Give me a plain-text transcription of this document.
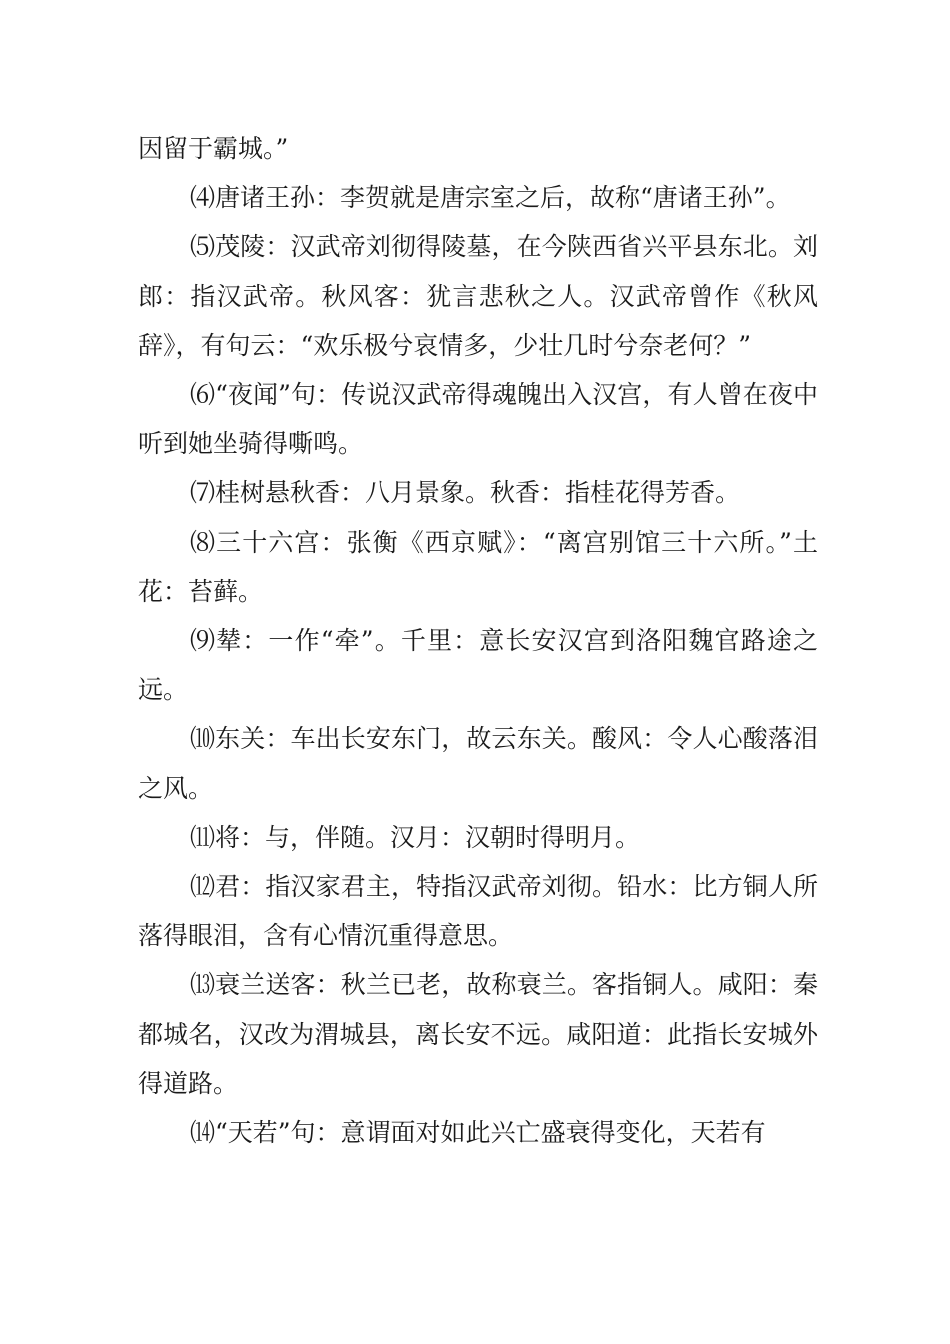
因留于霸城。”

⑷唐诸王孙：李贺就是唐宗室之后，故称“唐诸王孙”。

⑸茂陵：汉武帝刘彻得陵墓，在今陕西省兴平县东北。刘郎：指汉武帝。秋风客：犹言悲秋之人。汉武帝曾作《秋风辞》，有句云：“欢乐极兮哀情多，少壮几时兮奈老何？”

⑹“夜闻”句：传说汉武帝得魂魄出入汉宫，有人曾在夜中听到她坐骑得嘶鸣。

⑺桂树悬秋香：八月景象。秋香：指桂花得芳香。

⑻三十六宫：张衡《西京赋》：“离宫别馆三十六所。”土花：苔藓。

⑼辇：一作“牵”。千里：意长安汉宫到洛阳魏官路途之远。

⑽东关：车出长安东门，故云东关。酸风：令人心酸落泪之风。

⑾将：与，伴随。汉月：汉朝时得明月。

⑿君：指汉家君主，特指汉武帝刘彻。铅水：比方铜人所落得眼泪，含有心情沉重得意思。

⒀衰兰送客：秋兰已老，故称衰兰。客指铜人。咸阳：秦都城名，汉改为渭城县，离长安不远。咸阳道：此指长安城外得道路。

⒁“天若”句：意谓面对如此兴亡盛衰得变化，天若有
